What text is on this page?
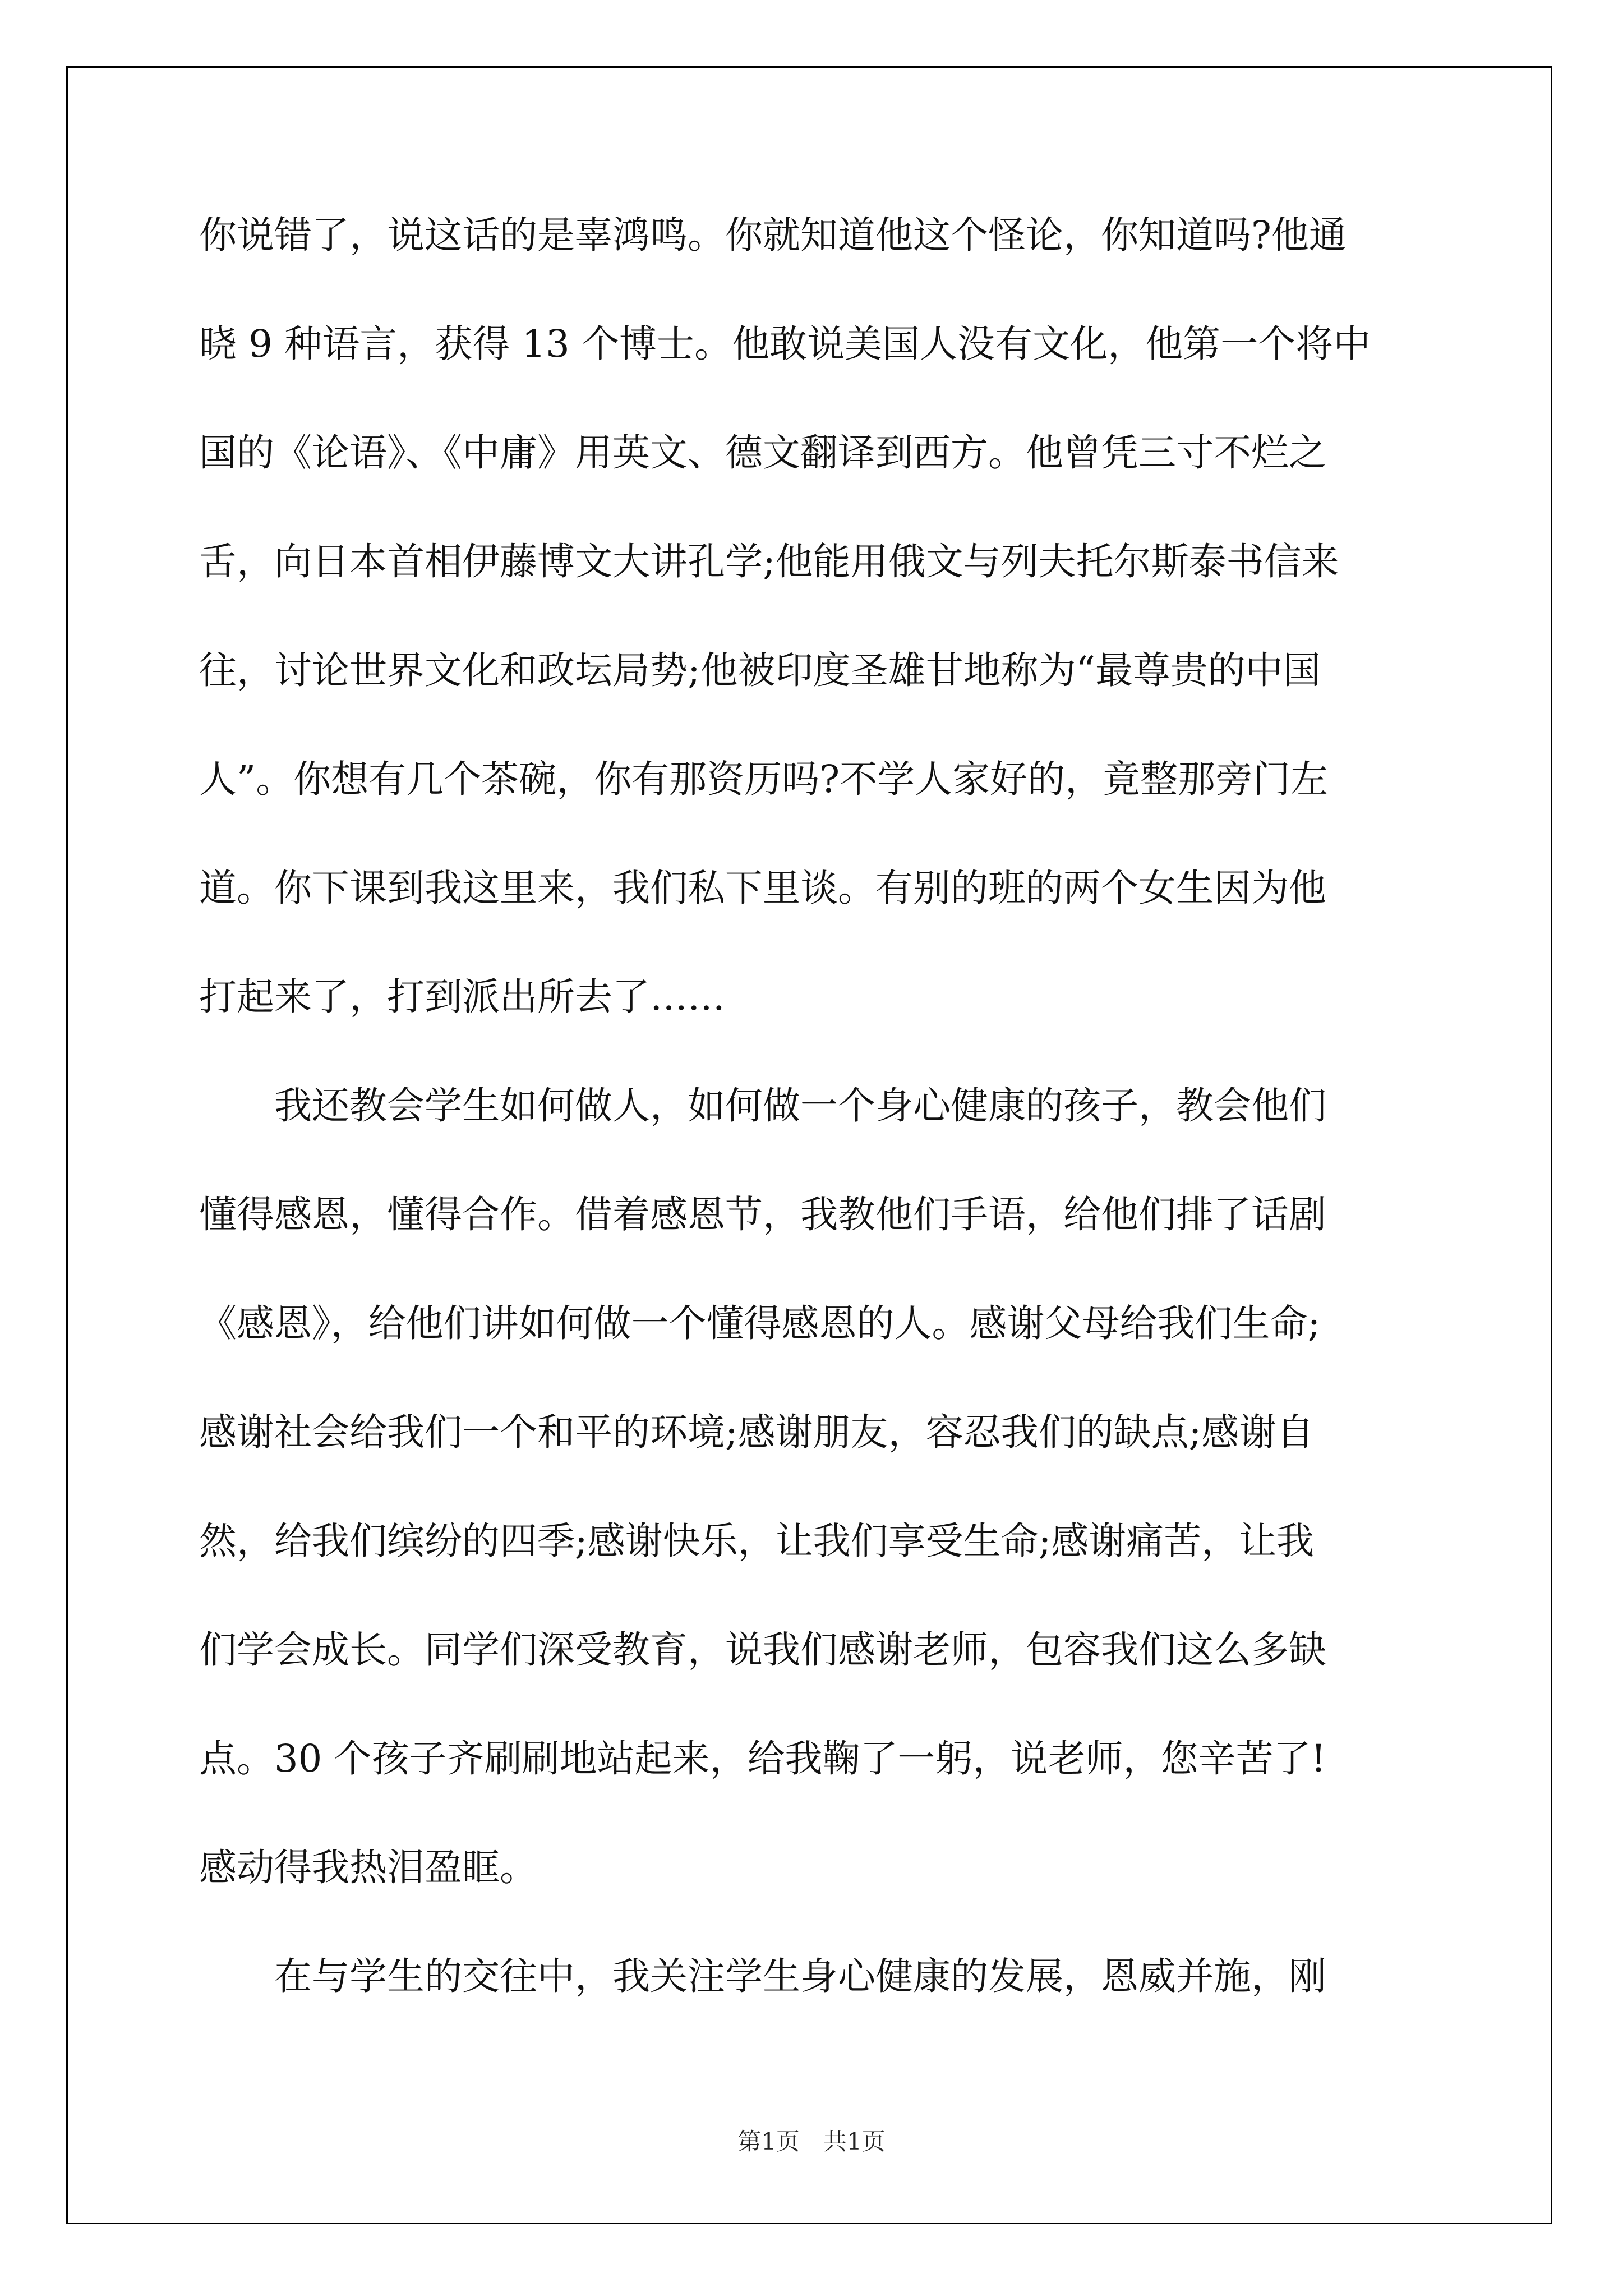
你说错了，说这话的是辜鸿鸣。你就知道他这个怪论，你知道吗?他通
晓 9 种语言，获得 13 个博士。他敢说美国人没有文化，他第一个将中
国的《论语》、《中庸》用英文、德文翻译到西方。他曾凭三寸不烂之
舌，向日本首相伊藤博文大讲孔学;他能用俄文与列夫托尔斯泰书信来
往，讨论世界文化和政坛局势;他被印度圣雄甘地称为“最尊贵的中国
人”。你想有几个茶碗，你有那资历吗?不学人家好的，竟整那旁门左
道。你下课到我这里来，我们私下里谈。有别的班的两个女生因为他
打起来了，打到派出所去了……
　　我还教会学生如何做人，如何做一个身心健康的孩子，教会他们
懂得感恩，懂得合作。借着感恩节，我教他们手语，给他们排了话剧
《感恩》，给他们讲如何做一个懂得感恩的人。感谢父母给我们生命;
感谢社会给我们一个和平的环境;感谢朋友，容忍我们的缺点;感谢自
然，给我们缤纷的四季;感谢快乐，让我们享受生命;感谢痛苦，让我
们学会成长。同学们深受教育，说我们感谢老师，包容我们这么多缺
点。30 个孩子齐刷刷地站起来，给我鞠了一躬，说老师，您辛苦了!
感动得我热泪盈眶。
　　在与学生的交往中，我关注学生身心健康的发展，恩威并施，刚
第1页　共1页
